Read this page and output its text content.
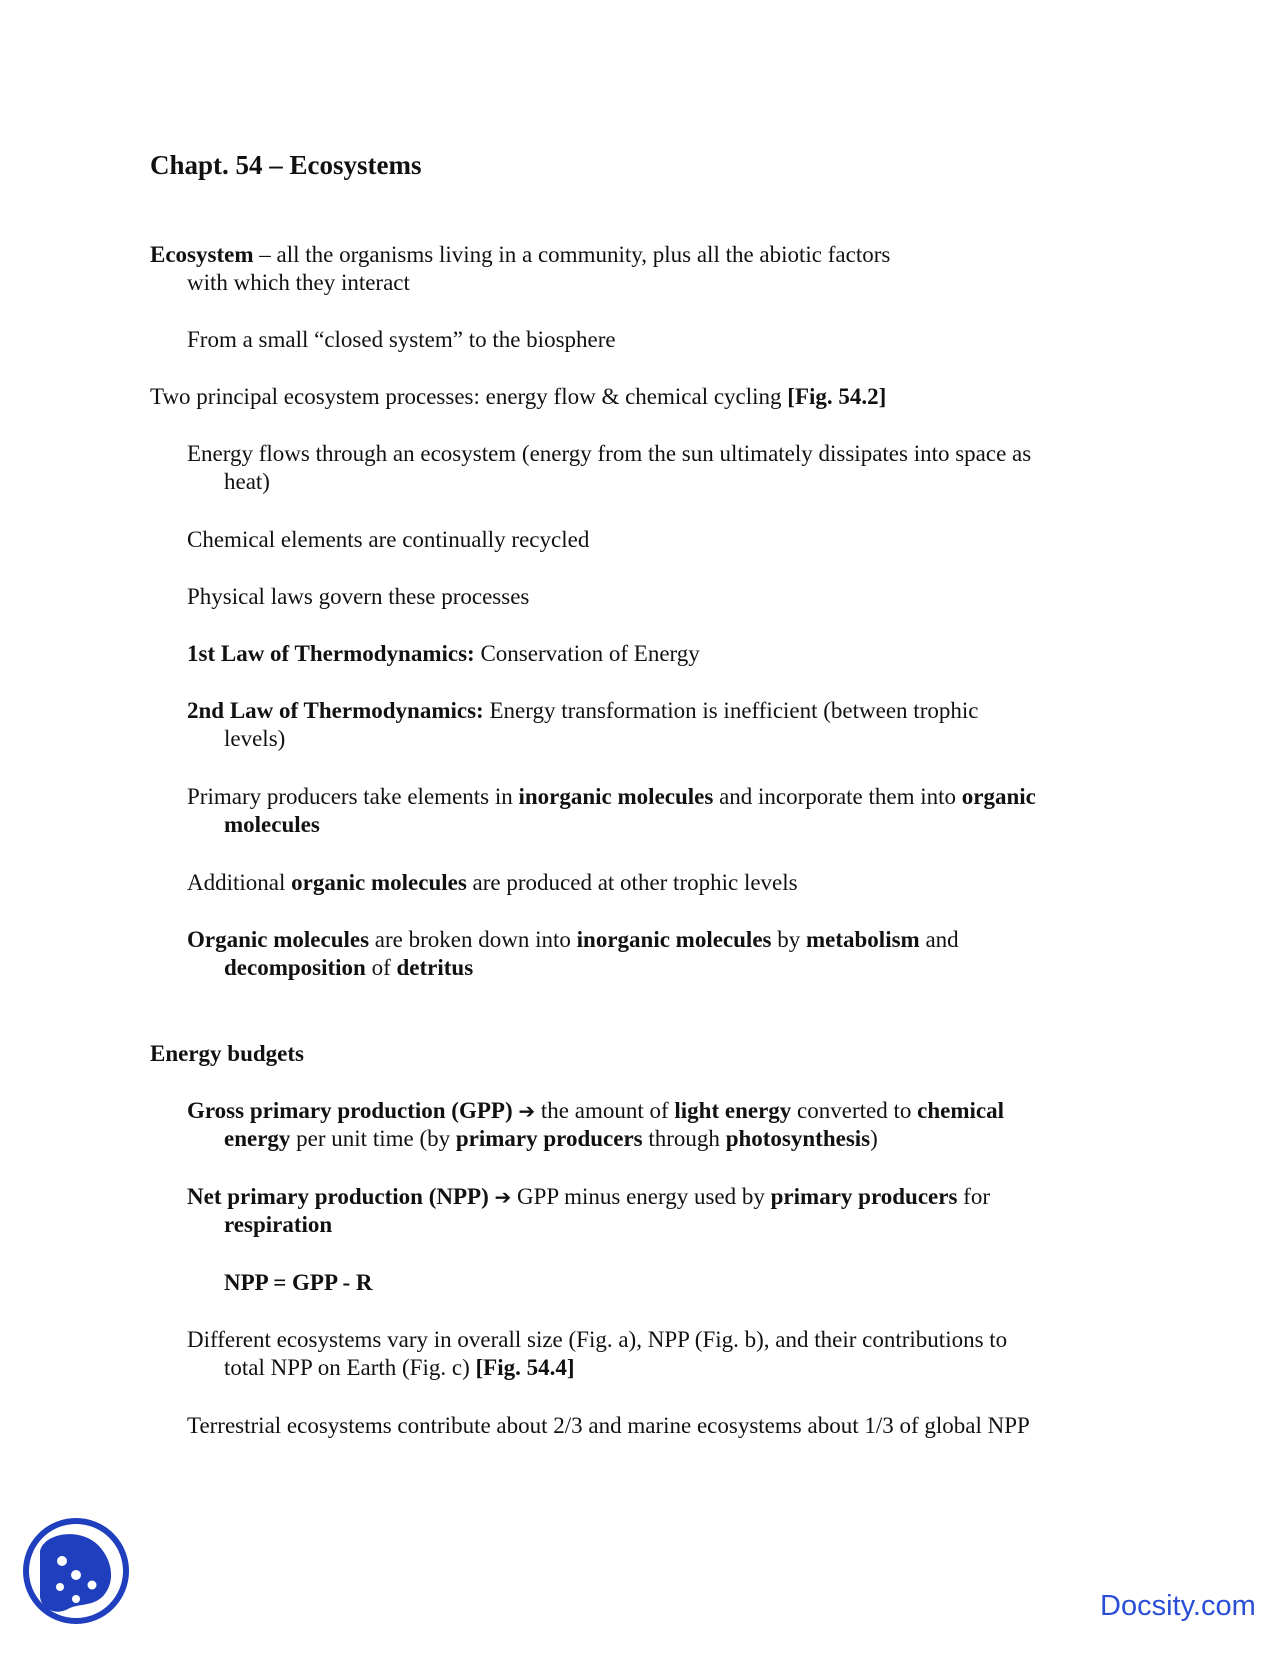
Chapt. 54 – Ecosystems
Ecosystem – all the organisms living in a community, plus all the abiotic factors
with which they interact
From a small “closed system” to the biosphere
Two principal ecosystem processes: energy flow & chemical cycling [Fig. 54.2]
Energy flows through an ecosystem (energy from the sun ultimately dissipates into space as
heat)
Chemical elements are continually recycled
Physical laws govern these processes
1st Law of Thermodynamics: Conservation of Energy
2nd Law of Thermodynamics: Energy transformation is inefficient (between trophic
levels)
Primary producers take elements in inorganic molecules and incorporate them into organic
molecules
Additional organic molecules are produced at other trophic levels
Organic molecules are broken down into inorganic molecules by metabolism and
decomposition of detritus
Energy budgets
Gross primary production (GPP) ➔ the amount of light energy converted to chemical
energy per unit time (by primary producers through photosynthesis)
Net primary production (NPP) ➔ GPP minus energy used by primary producers for
respiration
NPP = GPP - R
Different ecosystems vary in overall size (Fig. a), NPP (Fig. b), and their contributions to
total NPP on Earth (Fig. c) [Fig. 54.4]
Terrestrial ecosystems contribute about 2/3 and marine ecosystems about 1/3 of global NPP
Docsity.com
